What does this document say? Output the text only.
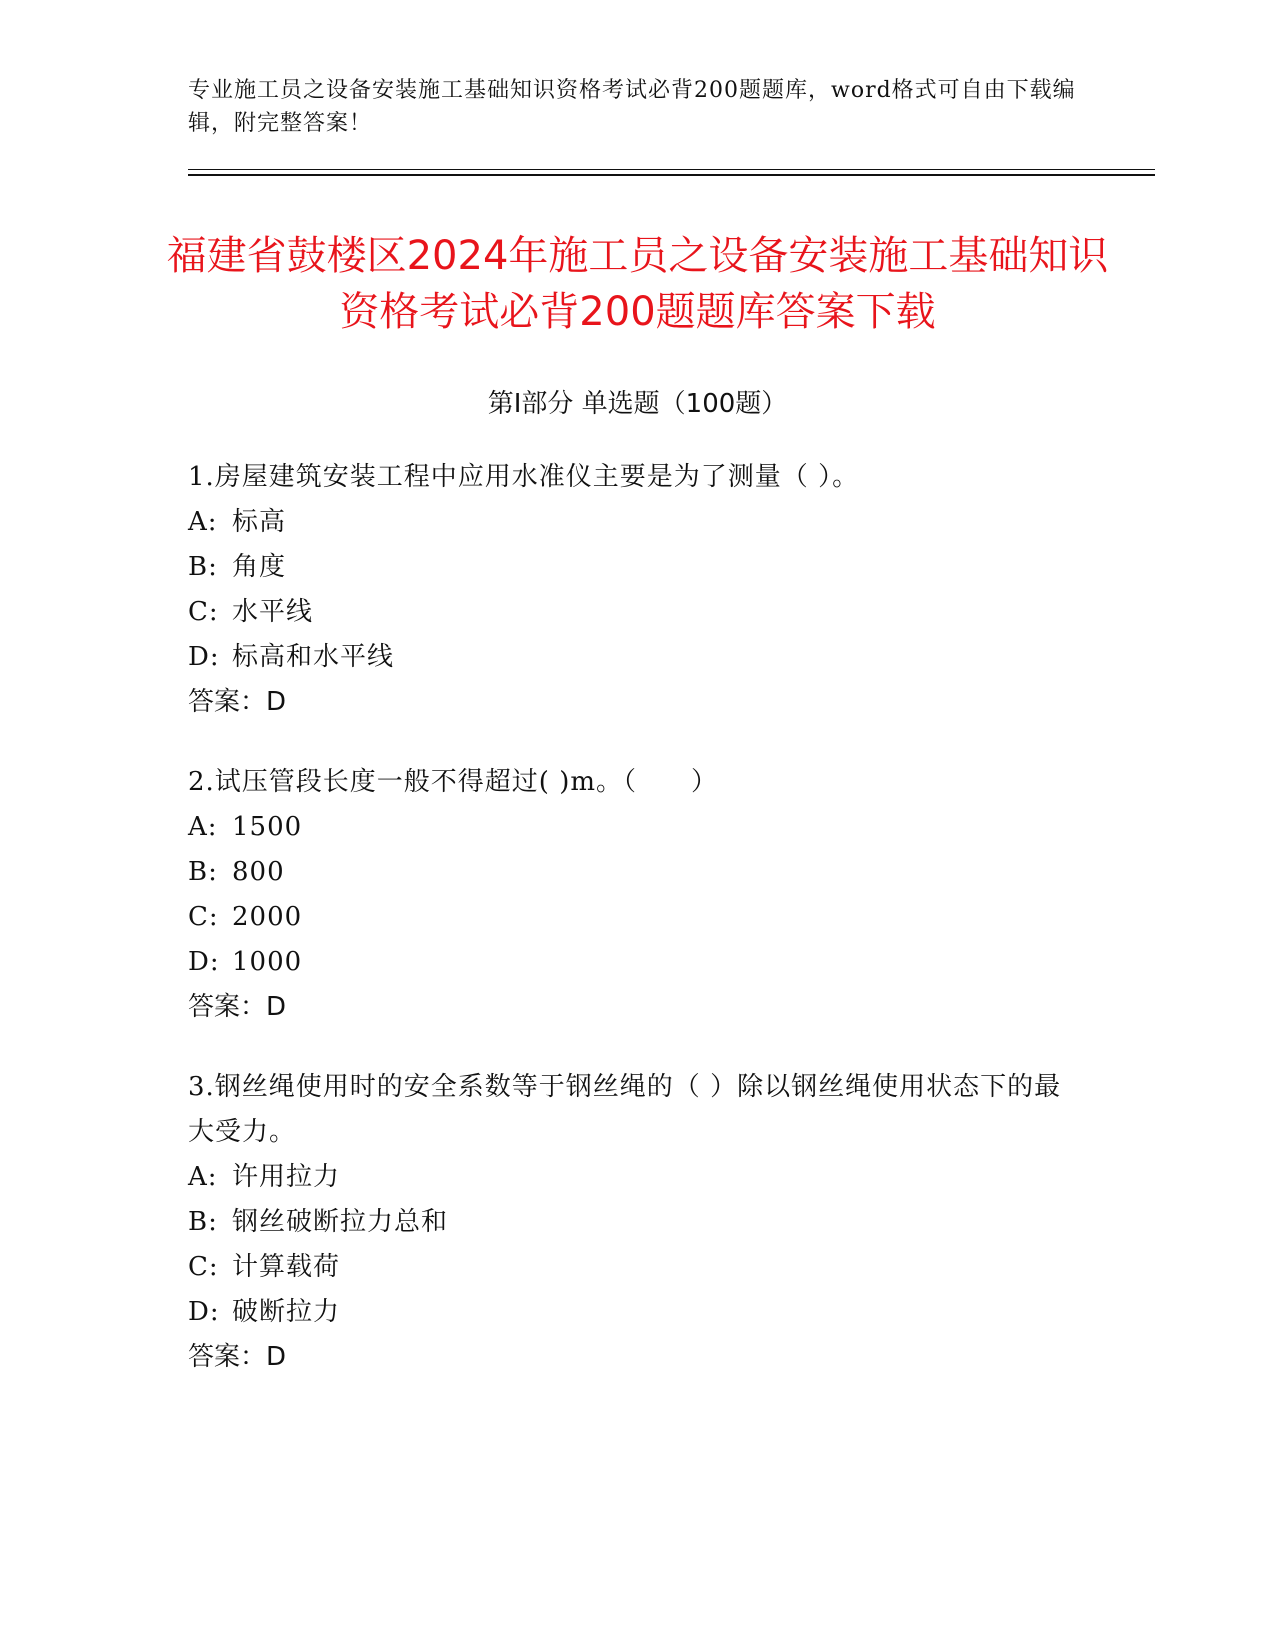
专业施工员之设备安装施工基础知识资格考试必背200题题库，word格式可自由下载编辑，附完整答案！
福建省鼓楼区2024年施工员之设备安装施工基础知识资格考试必背200题题库答案下载
第Ⅰ部分 单选题（100题）
1.房屋建筑安装工程中应用水准仪主要是为了测量（ ）。
A: 标高
B: 角度
C: 水平线
D: 标高和水平线
答案：D
2.试压管段长度一般不得超过( )m。（　　）
A: 1500
B: 800
C: 2000
D: 1000
答案：D
3.钢丝绳使用时的安全系数等于钢丝绳的（ ）除以钢丝绳使用状态下的最大受力。
A: 许用拉力
B: 钢丝破断拉力总和
C: 计算载荷
D: 破断拉力
答案：D
